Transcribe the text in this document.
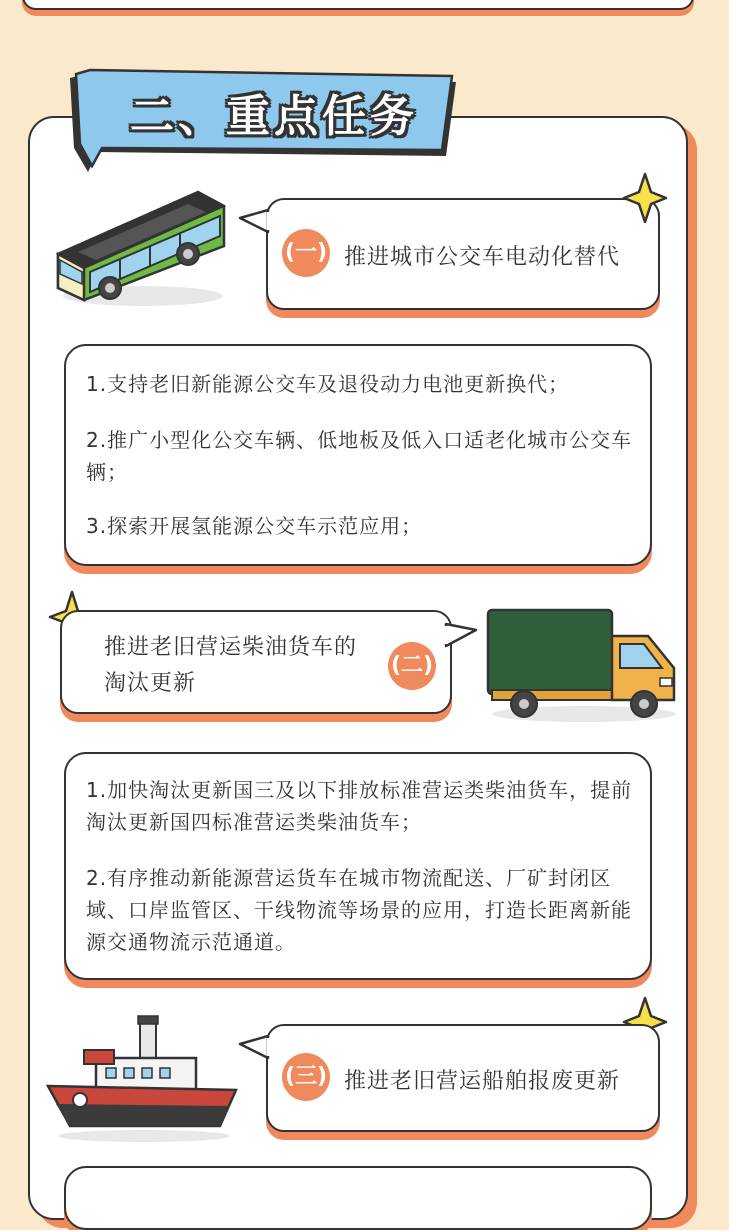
二、重点任务
(一) 推进城市公交车电动化替代
1.支持老旧新能源公交车及退役动力电池更新换代；
2.推广小型化公交车辆、低地板及低入口适老化城市公交车辆；
3.探索开展氢能源公交车示范应用；
推进老旧营运柴油货车的
淘汰更新
(二)
1.加快淘汰更新国三及以下排放标准营运类柴油货车，提前淘汰更新国四标准营运类柴油货车；
2.有序推动新能源营运货车在城市物流配送、厂矿封闭区域、口岸监管区、干线物流等场景的应用，打造长距离新能源交通物流示范通道。
(三) 推进老旧营运船舶报废更新
